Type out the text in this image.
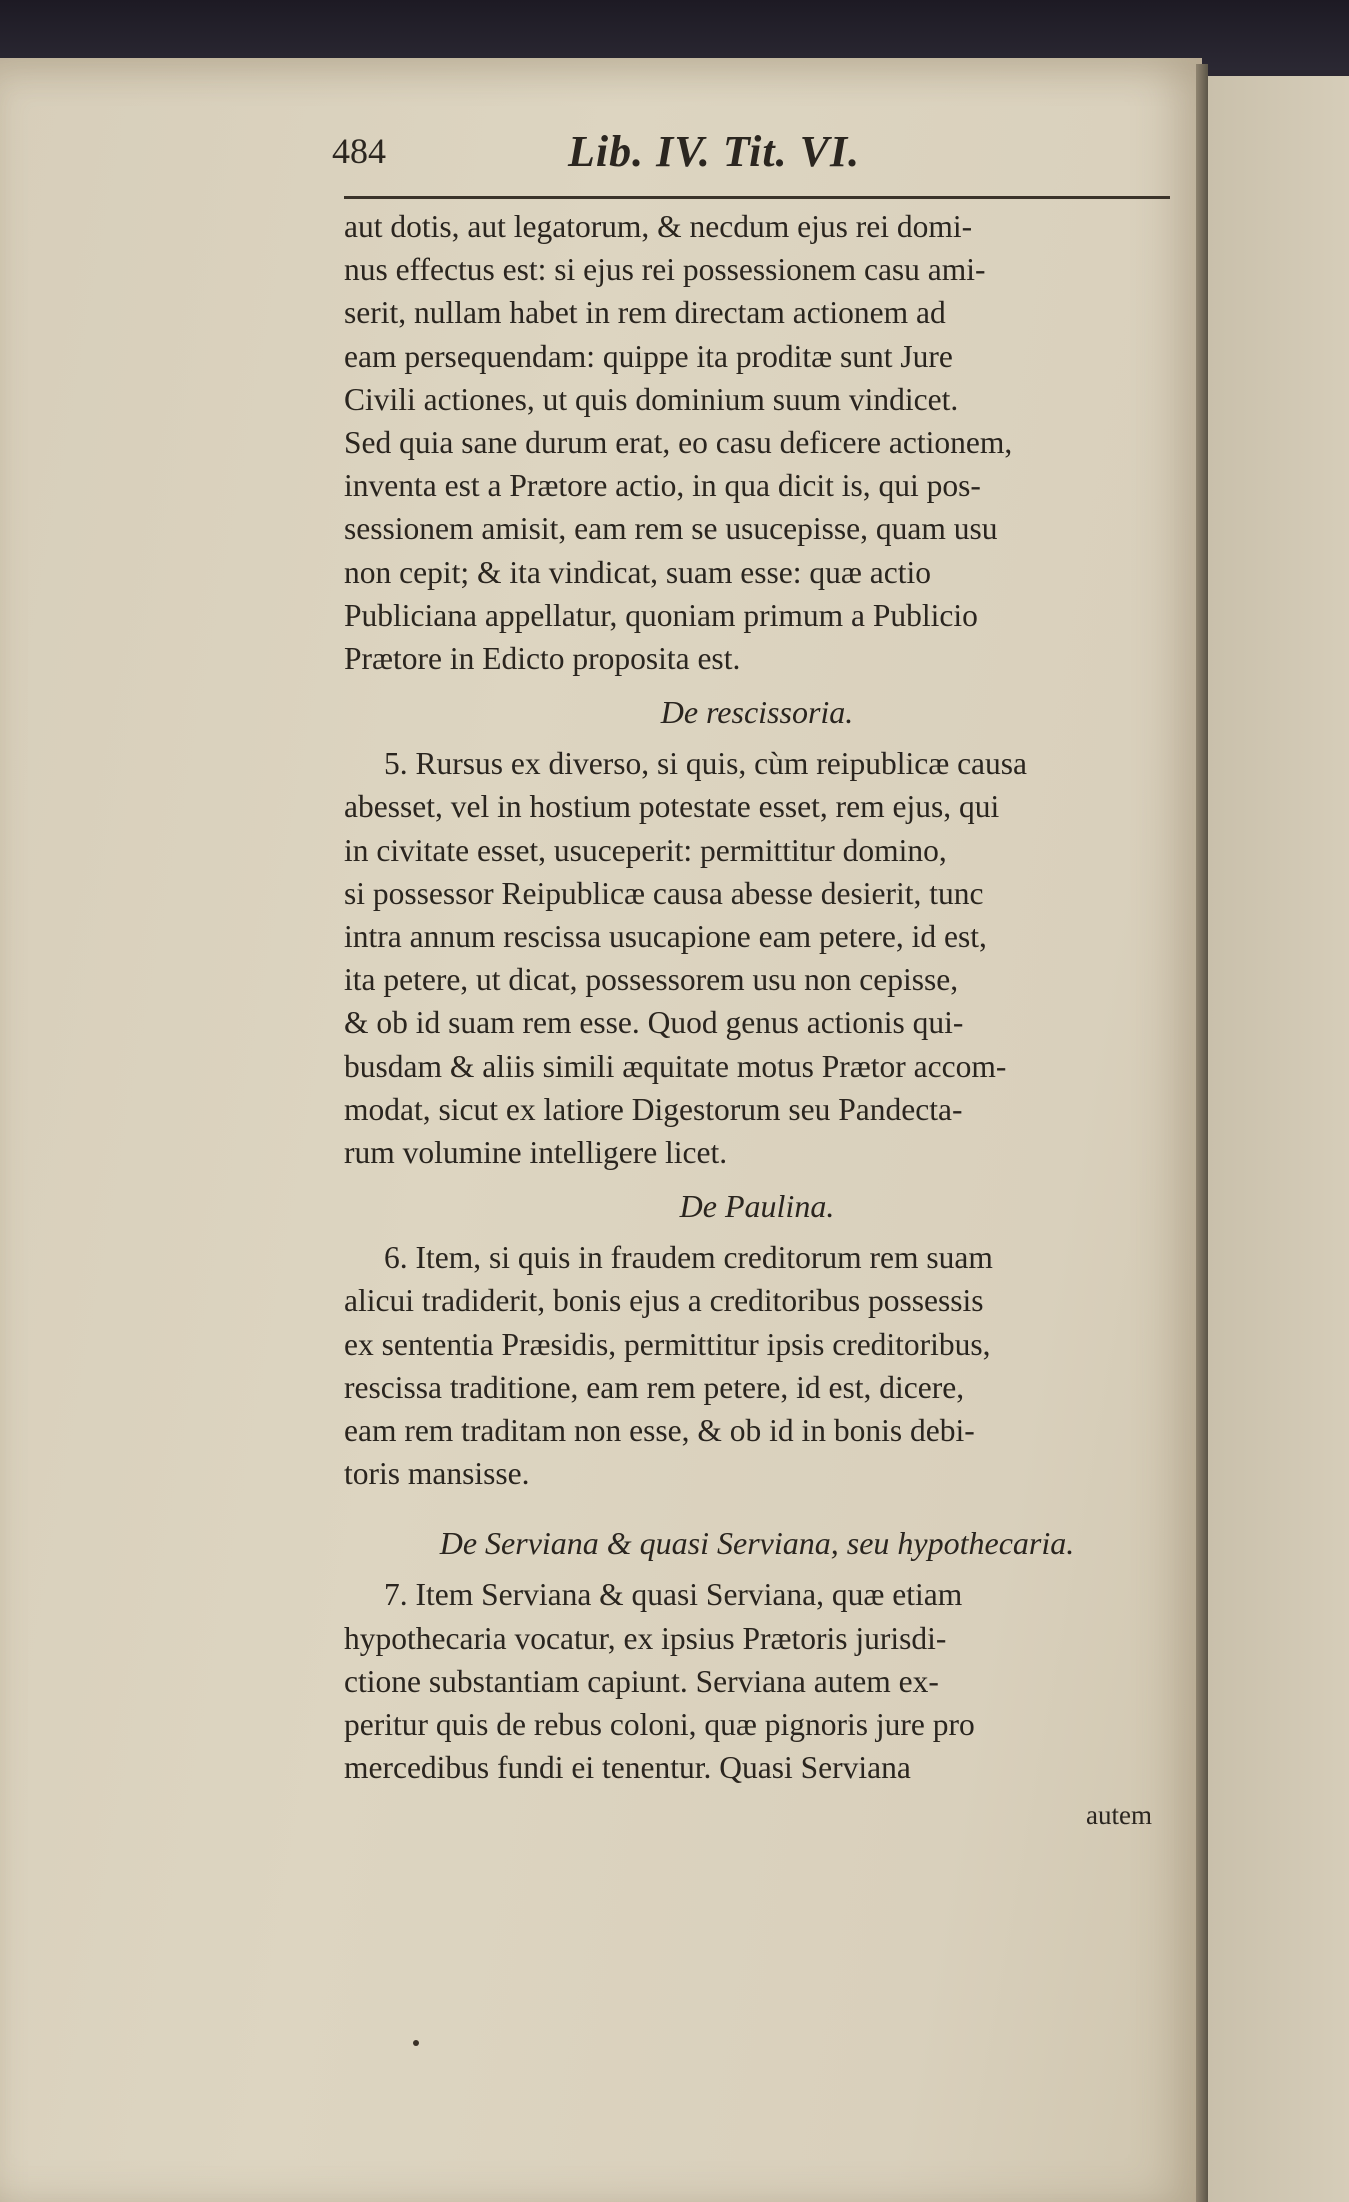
484	Lib. IV. Tit. VI.
aut dotis, aut legatorum, & necdum ejus rei domi-
nus effectus est: si ejus rei possessionem casu ami-
serit, nullam habet in rem directam actionem ad
eam persequendam: quippe ita proditæ sunt Jure
Civili actiones, ut quis dominium suum vindicet.
Sed quia sane durum erat, eo casu deficere actionem,
inventa est a Prætore actio, in qua dicit is, qui pos-
sessionem amisit, eam rem se usucepisse, quam usu
non cepit; & ita vindicat, suam esse: quæ actio
Publiciana appellatur, quoniam primum a Publicio
Prætore in Edicto proposita est.
De rescissoria.
5. Rursus ex diverso, si quis, cùm reipublicæ causa
abesset, vel in hostium potestate esset, rem ejus, qui
in civitate esset, usuceperit: permittitur domino,
si possessor Reipublicæ causa abesse desierit, tunc
intra annum rescissa usucapione eam petere, id est,
ita petere, ut dicat, possessorem usu non cepisse,
& ob id suam rem esse. Quod genus actionis qui-
busdam & aliis simili æquitate motus Prætor accom-
modat, sicut ex latiore Digestorum seu Pandecta-
rum volumine intelligere licet.
De Paulina.
6. Item, si quis in fraudem creditorum rem suam
alicui tradiderit, bonis ejus a creditoribus possessis
ex sententia Præsidis, permittitur ipsis creditoribus,
rescissa traditione, eam rem petere, id est, dicere,
eam rem traditam non esse, & ob id in bonis debi-
toris mansisse.
De Serviana & quasi Serviana, seu hypothecaria.
7. Item Serviana & quasi Serviana, quæ etiam
hypothecaria vocatur, ex ipsius Prætoris jurisdi-
ctione substantiam capiunt. Serviana autem ex-
peritur quis de rebus coloni, quæ pignoris jure pro
mercedibus fundi ei tenentur. Quasi Serviana
autem
